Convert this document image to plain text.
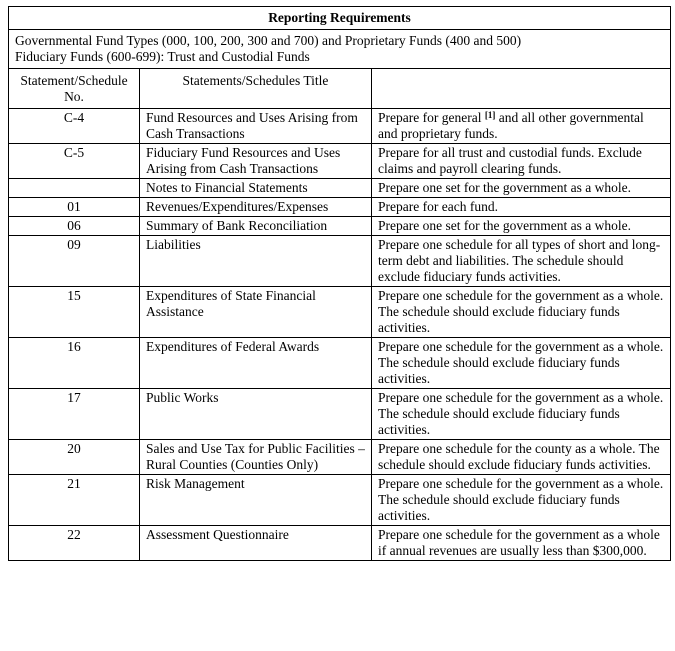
Reporting Requirements		

Governmental Fund Types (000, 100, 200, 300 and 700) and Proprietary Funds (400 and 500)
Fiduciary Funds (600-699): Trust and Custodial Funds		

Statement/Schedule No.	Statements/Schedules Title	
C-4	Fund Resources and Uses Arising from Cash Transactions	Prepare for general [1] and all other governmental and proprietary funds.
C-5	Fiduciary Fund Resources and Uses Arising from Cash Transactions	Prepare for all trust and custodial funds. Exclude claims and payroll clearing funds.
	Notes to Financial Statements	Prepare one set for the government as a whole.
01	Revenues/Expenditures/Expenses	Prepare for each fund.
06	Summary of Bank Reconciliation	Prepare one set for the government as a whole.
09	Liabilities	Prepare one schedule for all types of short and long-term debt and liabilities. The schedule should exclude fiduciary funds activities.
15	Expenditures of State Financial Assistance	Prepare one schedule for the government as a whole. The schedule should exclude fiduciary funds activities.
16	Expenditures of Federal Awards	Prepare one schedule for the government as a whole. The schedule should exclude fiduciary funds activities.
17	Public Works	Prepare one schedule for the government as a whole. The schedule should exclude fiduciary funds activities.
20	Sales and Use Tax for Public Facilities – Rural Counties (Counties Only)	Prepare one schedule for the county as a whole. The schedule should exclude fiduciary funds activities.
21	Risk Management	Prepare one schedule for the government as a whole. The schedule should exclude fiduciary funds activities.
22	Assessment Questionnaire	Prepare one schedule for the government as a whole if annual revenues are usually less than $300,000.
